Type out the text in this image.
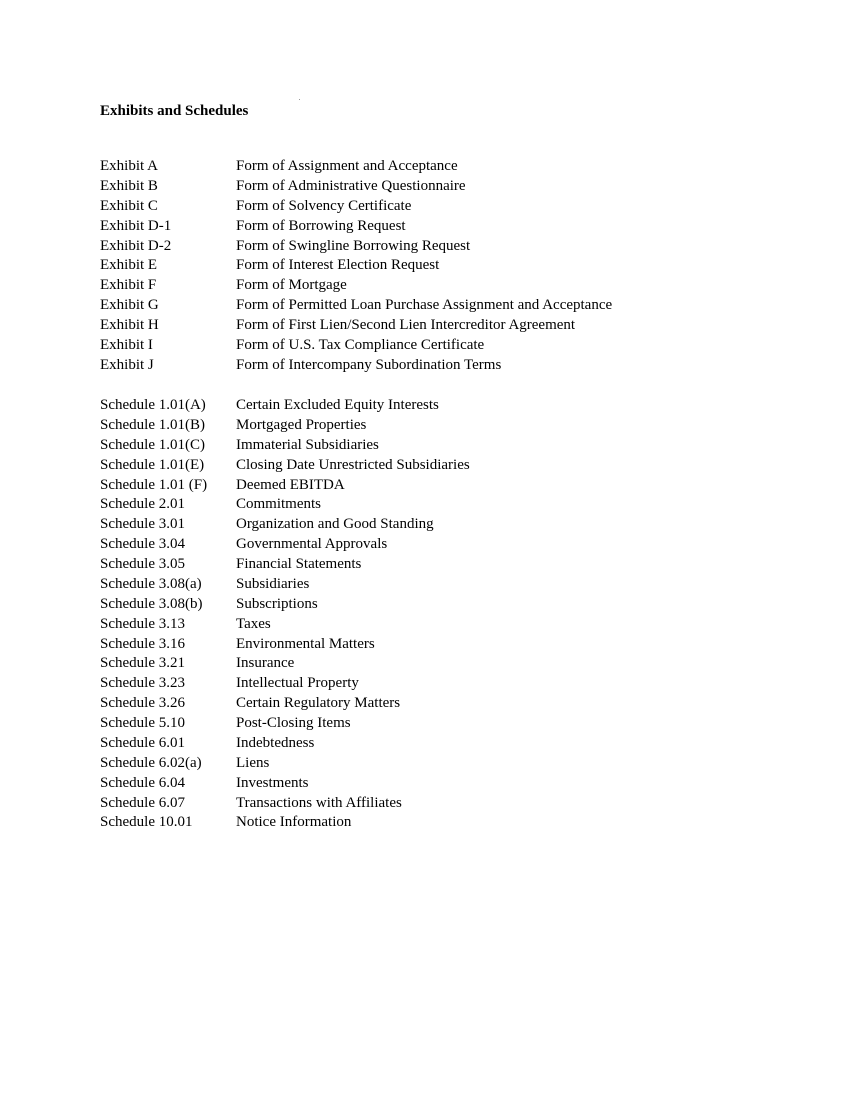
Exhibits and Schedules
Exhibit A	Form of Assignment and Acceptance
Exhibit B	Form of Administrative Questionnaire
Exhibit C	Form of Solvency Certificate
Exhibit D-1	Form of Borrowing Request
Exhibit D-2	Form of Swingline Borrowing Request
Exhibit E	Form of Interest Election Request
Exhibit F	Form of Mortgage
Exhibit G	Form of Permitted Loan Purchase Assignment and Acceptance
Exhibit H	Form of First Lien/Second Lien Intercreditor Agreement
Exhibit I	Form of U.S. Tax Compliance Certificate
Exhibit J	Form of Intercompany Subordination Terms
Schedule 1.01(A)	Certain Excluded Equity Interests
Schedule 1.01(B)	Mortgaged Properties
Schedule 1.01(C)	Immaterial Subsidiaries
Schedule 1.01(E)	Closing Date Unrestricted Subsidiaries
Schedule 1.01 (F)	Deemed EBITDA
Schedule 2.01	Commitments
Schedule 3.01	Organization and Good Standing
Schedule 3.04	Governmental Approvals
Schedule 3.05	Financial Statements
Schedule 3.08(a)	Subsidiaries
Schedule 3.08(b)	Subscriptions
Schedule 3.13	Taxes
Schedule 3.16	Environmental Matters
Schedule 3.21	Insurance
Schedule 3.23	Intellectual Property
Schedule 3.26	Certain Regulatory Matters
Schedule 5.10	Post-Closing Items
Schedule 6.01	Indebtedness
Schedule 6.02(a)	Liens
Schedule 6.04	Investments
Schedule 6.07	Transactions with Affiliates
Schedule 10.01	Notice Information
